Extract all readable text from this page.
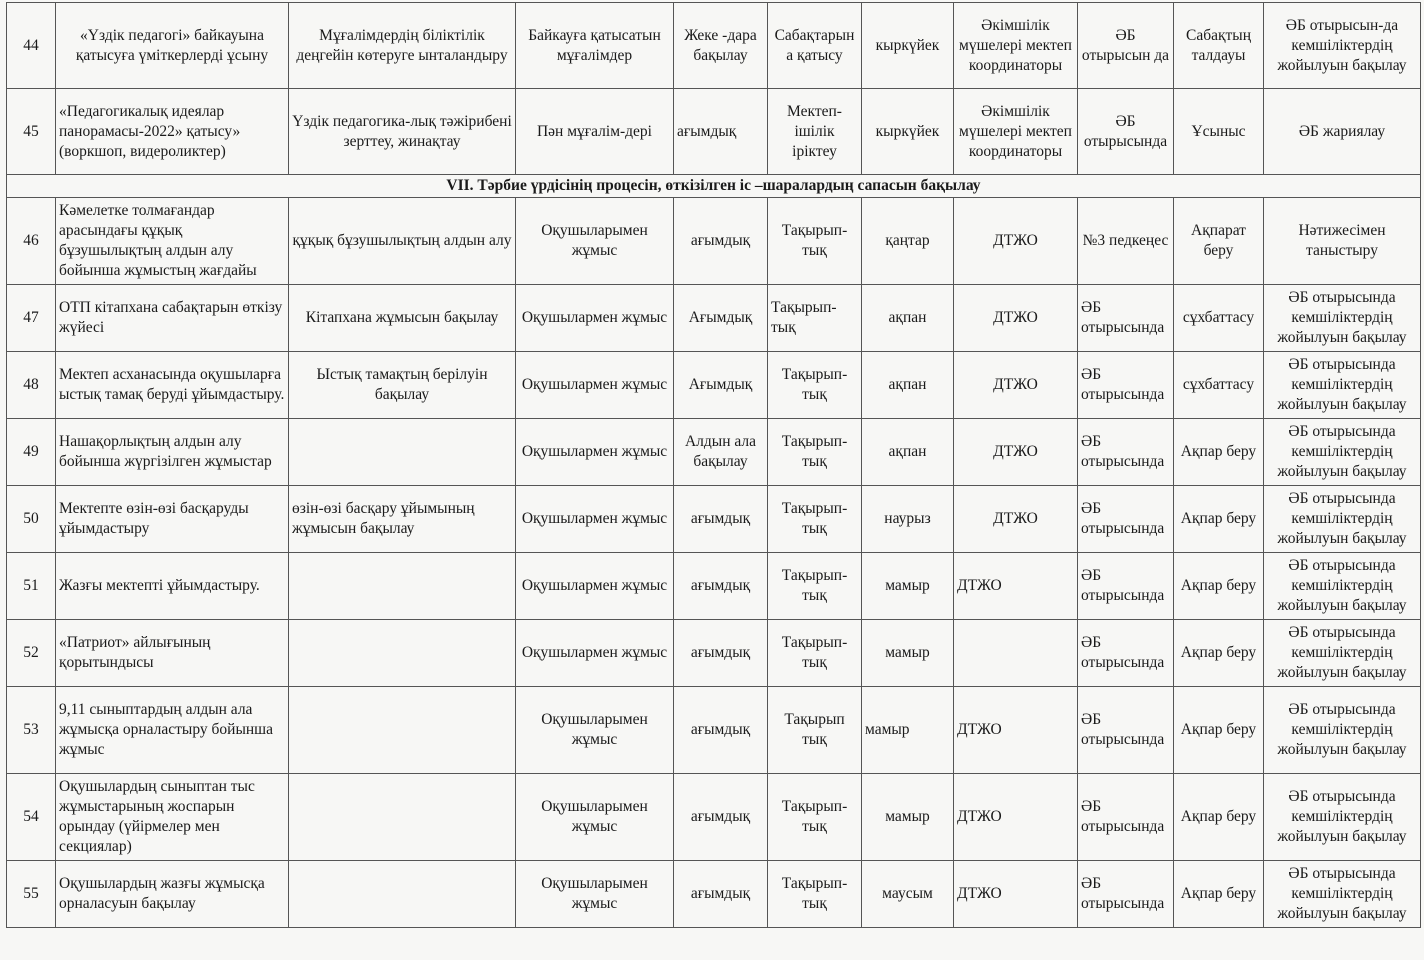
44	«Үздік педагогі» байкауына қатысуға үміткерлерді ұсыну	Мұғалімдердің біліктілік деңгейін көтеруге ынталандыру	Байкауға қатысатын мұғалімдер	Жеке -дара бақылау	Сабақтарын а қатысу	кыркүйек	Әкімшілік мүшелері мектеп координаторы	ӘБ отырысын да	Сабақтың талдауы	ӘБ отырысын-да кемшіліктердің жойылуын бақылау
45	«Педагогикалық идеялар панорамасы-2022» қатысу» (воркшоп, видероликтер)	Үздік педагогика-лық тәжірибені зерттеу, жинақтау	Пән мұғалім-дері	ағымдық	Мектеп-ішілік іріктеу	кыркүйек	Әкімшілік мүшелері мектеп координаторы	ӘБ отырысында	Ұсыныс	ӘБ жариялау
VII. Тәрбие үрдісінің процесін, өткізілген іс –шаралардың сапасын бақылау										
46	Кәмелетке толмағандар арасындағы құқық бұзушылықтың алдын алу бойынша жұмыстың жағдайы	құқық бұзушылықтың алдын алу	Оқушыларымен жұмыс	ағымдық	Тақырып-тық	қаңтар	ДТЖО	№3 педкеңес	Ақпарат беру	Нәтижесімен таныстыру
47	ОТП кітапхана сабақтарын өткізу жүйесі	Кітапхана жұмысын бақылау	Оқушылармен жұмыс	Ағымдық	Тақырып-тық	ақпан	ДТЖО	ӘБ отырысында	сұхбаттасу	ӘБ отырысында кемшіліктердің жойылуын бақылау
48	Мектеп асханасында оқушыларға ыстық тамақ беруді ұйымдастыру.	Ыстық тамақтың берілуін бақылау	Оқушылармен жұмыс	Ағымдық	Тақырып-тық	ақпан	ДТЖО	ӘБ отырысында	сұхбаттасу	ӘБ отырысында кемшіліктердің жойылуын бақылау
49	Нашақорлықтың алдын алу бойынша жүргізілген жұмыстар		Оқушылармен жұмыс	Алдын ала бақылау	Тақырып-тық	ақпан	ДТЖО	ӘБ отырысында	Ақпар беру	ӘБ отырысында кемшіліктердің жойылуын бақылау
50	Мектепте өзін-өзі басқаруды ұйымдастыру	өзін-өзі басқару ұйымының жұмысын бақылау	Оқушылармен жұмыс	ағымдық	Тақырып-тық	наурыз	ДТЖО	ӘБ отырысында	Ақпар беру	ӘБ отырысында кемшіліктердің жойылуын бақылау
51	Жазғы мектепті ұйымдастыру.		Оқушылармен жұмыс	ағымдық	Тақырып-тық	мамыр	ДТЖО	ӘБ отырысында	Ақпар беру	ӘБ отырысында кемшіліктердің жойылуын бақылау
52	«Патриот» айлығының қорытындысы		Оқушылармен жұмыс	ағымдық	Тақырып-тық	мамыр		ӘБ отырысында	Ақпар беру	ӘБ отырысында кемшіліктердің жойылуын бақылау
53	9,11 сыныптардың алдын ала жұмысқа орналастыру бойынша жұмыс		Оқушыларымен жұмыс	ағымдық	Тақырып тық	мамыр	ДТЖО	ӘБ отырысында	Ақпар беру	ӘБ отырысында кемшіліктердің жойылуын бақылау
54	Оқушылардың сыныптан тыс жұмыстарының жоспарын орындау (үйірмелер мен секциялар)		Оқушыларымен жұмыс	ағымдық	Тақырып-тық	мамыр	ДТЖО	ӘБ отырысында	Ақпар беру	ӘБ отырысында кемшіліктердің жойылуын бақылау
55	Оқушылардың жазғы жұмысқа орналасуын бақылау		Оқушыларымен жұмыс	ағымдық	Тақырып-тық	маусым	ДТЖО	ӘБ отырысында	Ақпар беру	ӘБ отырысында кемшіліктердің жойылуын бақылау
